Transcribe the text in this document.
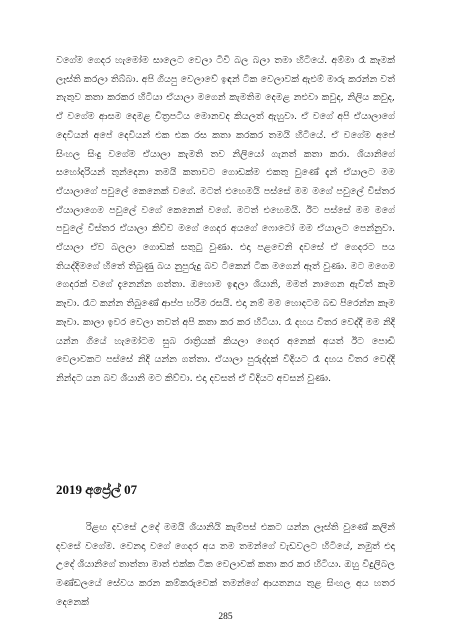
වගේම ගෙදර හැමෝම සාලෙට වෙලා ටීවී බල බලා තමා හිටියේ. අම්මා රෑ කෑමක් ලෑස්ති කරලා තිබ්බා. අපි ගියපු වෙලාවේ ඉඳන් ටික වෙලාවක් ඇළුම් මාරු කරන්න වත් නැතුව කතා කරකර හිටියා ඒයාලා මගෙන් කැමතිම දෙමළ නළුවා කවුද, නිලිය කවුද, ඒ වගේම ආසම දෙමළ චිත්‍රපටිය මොනවද කියලත් ඇහුවා. ඒ වගේ අපි ඒයාලාගේ දෙවියන් අපේ දෙවියන් එක එක රස කතා කරකර තමයි හිටියේ. ඒ වගේම අපේ සිංහල සිංදු වගේම ඒයාලා කැමති තව නිලියෝ ගැනත් කතා කරා. ශියානිගේ සහෝදරියන් තුන්දෙනා තමයි කතාවට ගොඩක්ම එකතු වුණේ දැන් ඒයාලට මම ඒයාලාගේ පවුලේ කෙනෙක් වගේ. මටත් එහෙමයි පස්සේ මම මගේ පවුලේ විස්තර ඒයාලාගෙම පවුලේ වගේ කෙනෙක් වගේ. මටත් එහෙමයි. ඊට පස්සේ මම මගේ පවුලේ විස්තර ඒයාලා කිව්ව මගේ ගෙදර අයගේ ෆොටෝ මම ඒයාලට පෙන්නුවා. ඒයාලා ඒව බලලා ගොඩක් සතුටු වුණා. එදා පළවෙනි දවසේ ඒ ගෙදරට පය තියද්දිමගේ හිතේ තිබුණු බය නුපුරුදු බව ටිකෙන් ටික මගෙන් ඈත් වුණා. මට මගෙම ගෙදරක් වගේ දැනෙන්න ගත්තා. ඔහොම ඉඳලා ශියානි, මමත් නාගෙන ඇවිත් කෑම කෑවා. රෑට කන්න තිබුණේ ආප්ප හරිම රසයි. එදා නම් මම හොදටම බඩ පිරෙන්න කෑම කෑවා. කාලා ඉවර වෙලා තවත් අපි කතා කර කර හිටියා. රෑ දහය විතර වෙද්දී මම නිදි යන්න ගියේ හැමෝටම සුබ රාත්‍රියක් කියලා ගෙදර අනෙක් අයත් ඊට පොඩි වෙලාවකට පස්සේ නිදි යන්න ගත්තා. ඒයාලා පුරුද්දක් විදියට රෑ දහය විතර වෙද්දි නින්දට යන බව ශියානි මට කිව්වා. එදා දවසත් ඒ විදියට අවසන් වුණා.

2019 අප්‍රේල් 07

රිළඟ දවසේ උදේ මමයි ශියානියි කැම්පස් එකට යන්න ලෑස්ති වුණේ කලින් දවසේ වගේම. වෙනදා වගේ ගෙදර අය තම තමන්ගේ වැඩවලට හිටියේ, නමුත් එදා උදේ ශියානිගේ තාත්තා මාත් එක්ක ටික වෙලාවක් කතා කර කර හිටියා. ඔහු විදුලිබල මණ්ඩලයේ සේවය කරන කම්කරුවෙක් තමන්ගේ ආයතනය තුළ සිංහල අය හතර දෙනෙක්

285
